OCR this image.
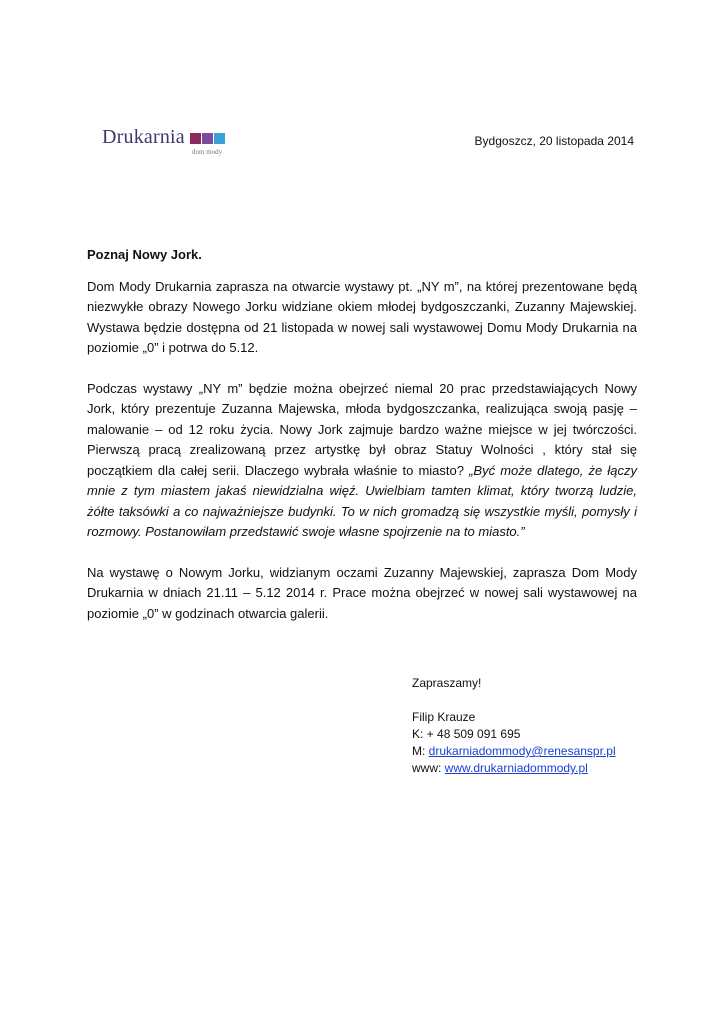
Drukarnia
dom mody
Bydgoszcz, 20 listopada 2014

Poznaj Nowy Jork.

Dom Mody Drukarnia zaprasza na otwarcie wystawy pt. „NY m”, na której prezentowane będą niezwykłe obrazy Nowego Jorku widziane okiem młodej bydgoszczanki, Zuzanny Majewskiej. Wystawa będzie dostępna od 21 listopada w nowej sali wystawowej Domu Mody Drukarnia na poziomie „0” i potrwa do 5.12.

Podczas wystawy „NY m” będzie można obejrzeć niemal 20 prac przedstawiających Nowy Jork, który prezentuje Zuzanna Majewska, młoda bydgoszczanka, realizująca swoją pasję – malowanie – od 12 roku życia. Nowy Jork zajmuje bardzo ważne miejsce w jej twórczości. Pierwszą pracą zrealizowaną przez artystkę był obraz Statuy Wolności , który stał się początkiem dla całej serii. Dlaczego wybrała właśnie to miasto? „Być może dlatego, że łączy mnie z tym miastem jakaś niewidzialna więź. Uwielbiam tamten klimat, który tworzą ludzie, żółte taksówki a co najważniejsze budynki. To w nich gromadzą się wszystkie myśli, pomysły i rozmowy. Postanowiłam przedstawić swoje własne spojrzenie na to miasto.”

Na wystawę o Nowym Jorku, widzianym oczami Zuzanny Majewskiej, zaprasza Dom Mody Drukarnia w dniach 21.11 – 5.12 2014 r. Prace można obejrzeć w nowej sali wystawowej na poziomie „0” w godzinach otwarcia galerii.

Zapraszamy!
Filip Krauze
K: + 48 509 091 695
M: drukarniadommody@renesanspr.pl
www: www.drukarniadommody.pl
